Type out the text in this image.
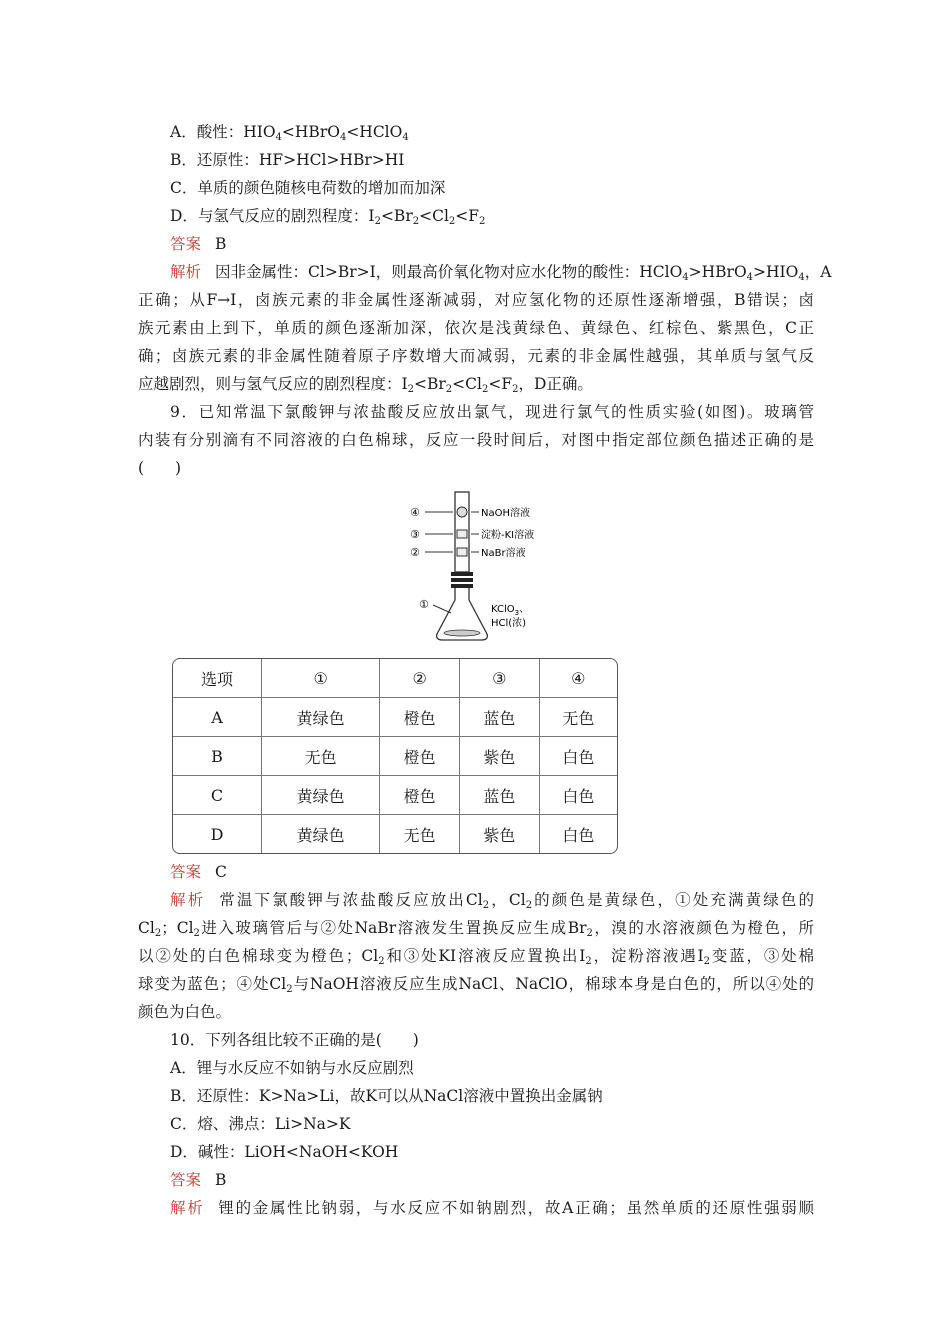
A．酸性：$HIO_4<HBrO_4<HClO_4$
B．还原性：HF>HCl>HBr>HI
C．单质的颜色随核电荷数的增加而加深
D．与氢气反应的剧烈程度：$I_2<Br_2<Cl_2<F_2$
答案 B
解析 因非金属性：Cl>Br>I，则最高价氧化物对应水化物的酸性：$HClO_4>HBrO_4>HIO_4$，A
正确；从F→I，卤族元素的非金属性逐渐减弱，对应氢化物的还原性逐渐增强，B错误；卤
族元素由上到下，单质的颜色逐渐加深，依次是浅黄绿色、黄绿色、红棕色、紫黑色，C正
确；卤族元素的非金属性随着原子序数增大而减弱，元素的非金属性越强，其单质与氢气反
应越剧烈，则与氢气反应的剧烈程度：$I_2<Br_2<Cl_2<F_2$，D正确。
9．已知常温下氯酸钾与浓盐酸反应放出氯气，现进行氯气的性质实验(如图)。玻璃管
内装有分别滴有不同溶液的白色棉球，反应一段时间后，对图中指定部位颜色描述正确的是
(　　)
④
③
②
①
NaOH溶液
淀粉-KI溶液
NaBr溶液
KClO$_3$、
HCl(浓)
选项	①	②	③	④
A	黄绿色	橙色	蓝色	无色
B	无色	橙色	紫色	白色
C	黄绿色	橙色	蓝色	白色
D	黄绿色	无色	紫色	白色
答案 C
解析 常温下氯酸钾与浓盐酸反应放出$Cl_2$，$Cl_2$的颜色是黄绿色，①处充满黄绿色的
$Cl_2$；$Cl_2$进入玻璃管后与②处NaBr溶液发生置换反应生成$Br_2$，溴的水溶液颜色为橙色，所
以②处的白色棉球变为橙色；$Cl_2$和③处KI溶液反应置换出$I_2$，淀粉溶液遇$I_2$变蓝，③处棉
球变为蓝色；④处$Cl_2$与NaOH溶液反应生成NaCl、NaClO，棉球本身是白色的，所以④处的
颜色为白色。
10．下列各组比较不正确的是(　　)
A．锂与水反应不如钠与水反应剧烈
B．还原性：K>Na>Li，故K可以从NaCl溶液中置换出金属钠
C．熔、沸点：Li>Na>K
D．碱性：LiOH<NaOH<KOH
答案 B
解析 锂的金属性比钠弱，与水反应不如钠剧烈，故A正确；虽然单质的还原性强弱顺
